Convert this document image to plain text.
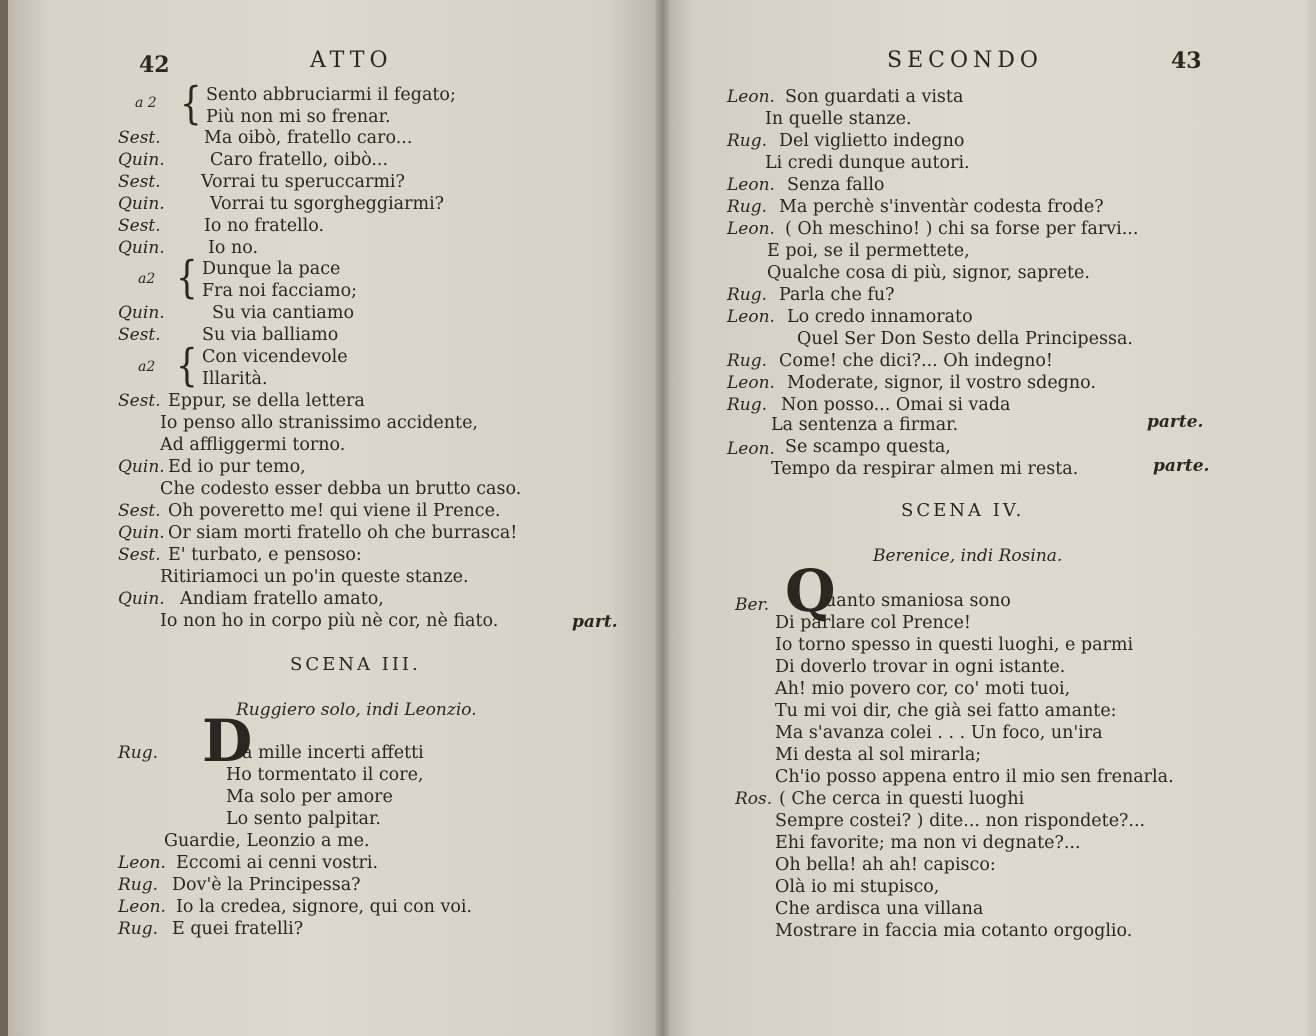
42	ATTO
a 2 { Sento abbruciarmi il fegato;
Più non mi so frenar.
Sest. Ma oibò, fratello caro...
Quin.	Caro fratello, oibò...
Sest. Vorrai tu speruccarmi?
Quin.	Vorrai tu sgorgheggiarmi?
Sest. Io no fratello.
Quin. Io no.
a2 { Dunque la pace
Fra noi facciamo;
Quin.	Su via cantiamo
Sest. Su via balliamo
a2 { Con vicendevole
Illarità.
Sest. Eppur, se della lettera
Io penso allo stranissimo accidente,
Ad affliggermi torno.
Quin. Ed io pur temo,
Che codesto esser debba un brutto caso.
Sest. Oh poveretto me! qui viene il Prence.
Quin. Or siam morti fratello oh che burrasca!
Sest. E' turbato, e pensoso:
Ritiriamoci un po'in queste stanze.
Quin. Andiam fratello amato,
Io non ho in corpo più nè cor, nè fiato.	part.
SCENA III.
Ruggiero solo, indi Leonzio.
Rug. D
a mille incerti affetti
Ho tormentato il core,
Ma solo per amore
Lo sento palpitar.
Guardie, Leonzio a me.
Leon. Eccomi ai cenni vostri.
Rug. Dov'è la Principessa?
Leon. Io la credea, signore, qui con voi.
Rug. E quei fratelli?
SECONDO	43
Leon. Son guardati a vista
In quelle stanze.
Rug. Del viglietto indegno
Li credi dunque autori.
Leon. Senza fallo
Rug. Ma perchè s'inventàr codesta frode?
Leon. ( Oh meschino! ) chi sa forse per farvi...
E poi, se il permettete,
Qualche cosa di più, signor, saprete.
Rug. Parla che fu?
Leon. Lo credo innamorato
Quel Ser Don Sesto della Principessa.
Rug. Come! che dici?... Oh indegno!
Leon. Moderate, signor, il vostro sdegno.
Rug. Non posso... Omai si vada
La sentenza a firmar.	parte.
Leon. Se scampo questa,
Tempo da respirar almen mi resta.	parte.
SCENA IV.
Berenice, indi Rosina.
Ber. Q
uanto smaniosa sono
Di parlare col Prence!
Io torno spesso in questi luoghi, e parmi
Di doverlo trovar in ogni istante.
Ah! mio povero cor, co' moti tuoi,
Tu mi voi dir, che già sei fatto amante:
Ma s'avanza colei . . . Un foco, un'ira
Mi desta al sol mirarla;
Ch'io posso appena entro il mio sen frenarla.
Ros. ( Che cerca in questi luoghi
Sempre costei? ) dite... non rispondete?...
Ehi favorite; ma non vi degnate?...
Oh bella! ah ah! capisco:
Olà io mi stupisco,
Che ardisca una villana
Mostrare in faccia mia cotanto orgoglio.
